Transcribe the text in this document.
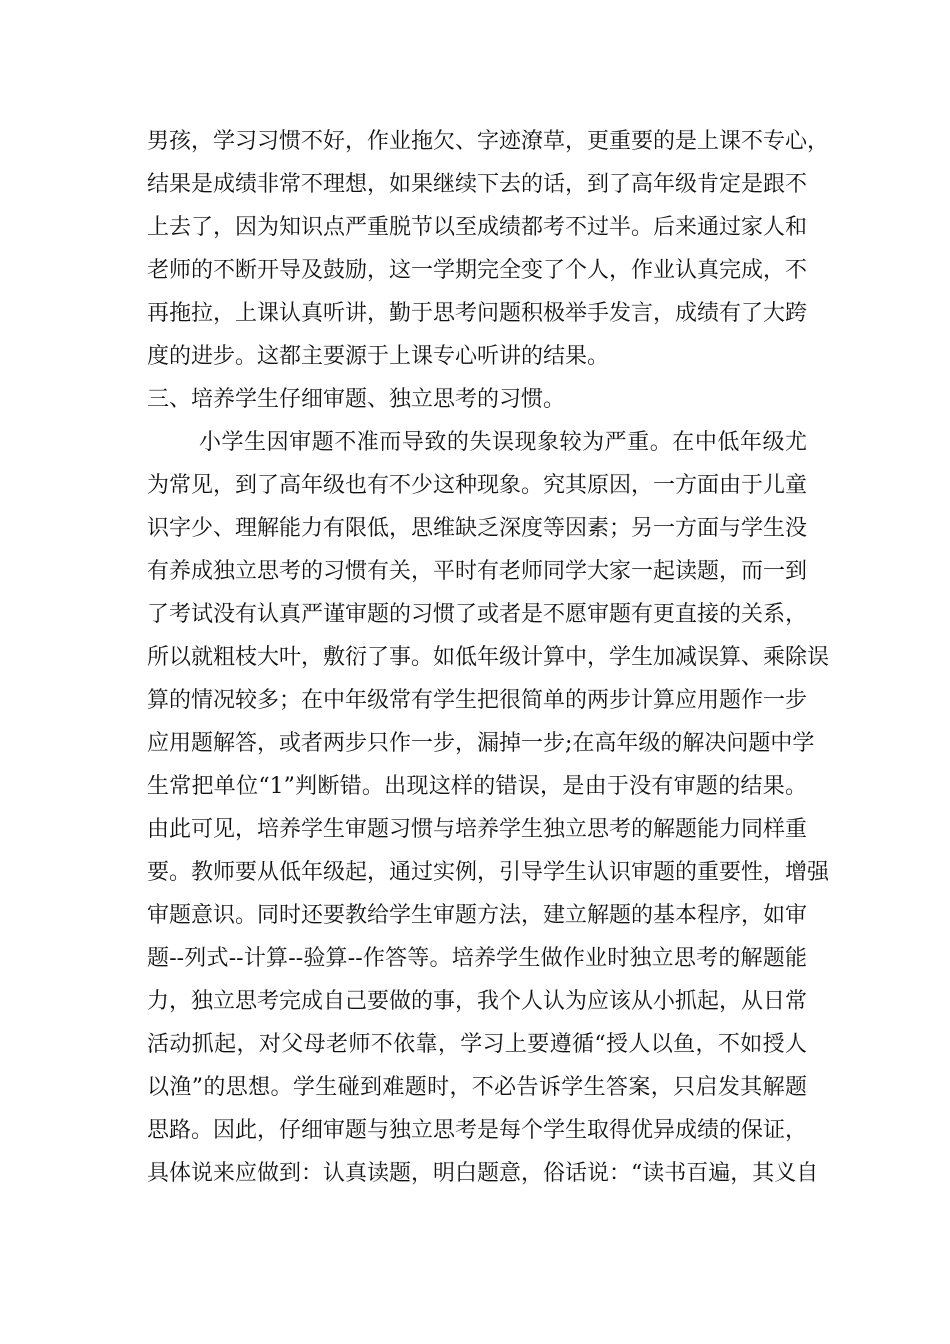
男孩，学习习惯不好，作业拖欠、字迹潦草，更重要的是上课不专心，
结果是成绩非常不理想，如果继续下去的话，到了高年级肯定是跟不
上去了，因为知识点严重脱节以至成绩都考不过半。后来通过家人和
老师的不断开导及鼓励，这一学期完全变了个人，作业认真完成，不
再拖拉，上课认真听讲，勤于思考问题积极举手发言，成绩有了大跨
度的进步。这都主要源于上课专心听讲的结果。
三、培养学生仔细审题、独立思考的习惯。
小学生因审题不准而导致的失误现象较为严重。在中低年级尤
为常见，到了高年级也有不少这种现象。究其原因，一方面由于儿童
识字少、理解能力有限低，思维缺乏深度等因素；另一方面与学生没
有养成独立思考的习惯有关，平时有老师同学大家一起读题，而一到
了考试没有认真严谨审题的习惯了或者是不愿审题有更直接的关系，
所以就粗枝大叶，敷衍了事。如低年级计算中，学生加减误算、乘除误
算的情况较多；在中年级常有学生把很简单的两步计算应用题作一步
应用题解答，或者两步只作一步，漏掉一步;在高年级的解决问题中学
生常把单位“1”判断错。出现这样的错误，是由于没有审题的结果。
由此可见，培养学生审题习惯与培养学生独立思考的解题能力同样重
要。教师要从低年级起，通过实例，引导学生认识审题的重要性，增强
审题意识。同时还要教给学生审题方法，建立解题的基本程序，如审
题--列式--计算--验算--作答等。培养学生做作业时独立思考的解题能
力，独立思考完成自己要做的事，我个人认为应该从小抓起，从日常
活动抓起，对父母老师不依靠，学习上要遵循“授人以鱼，不如授人
以渔”的思想。学生碰到难题时，不必告诉学生答案，只启发其解题
思路。因此，仔细审题与独立思考是每个学生取得优异成绩的保证，
具体说来应做到：认真读题，明白题意，俗话说：“读书百遍，其义自
